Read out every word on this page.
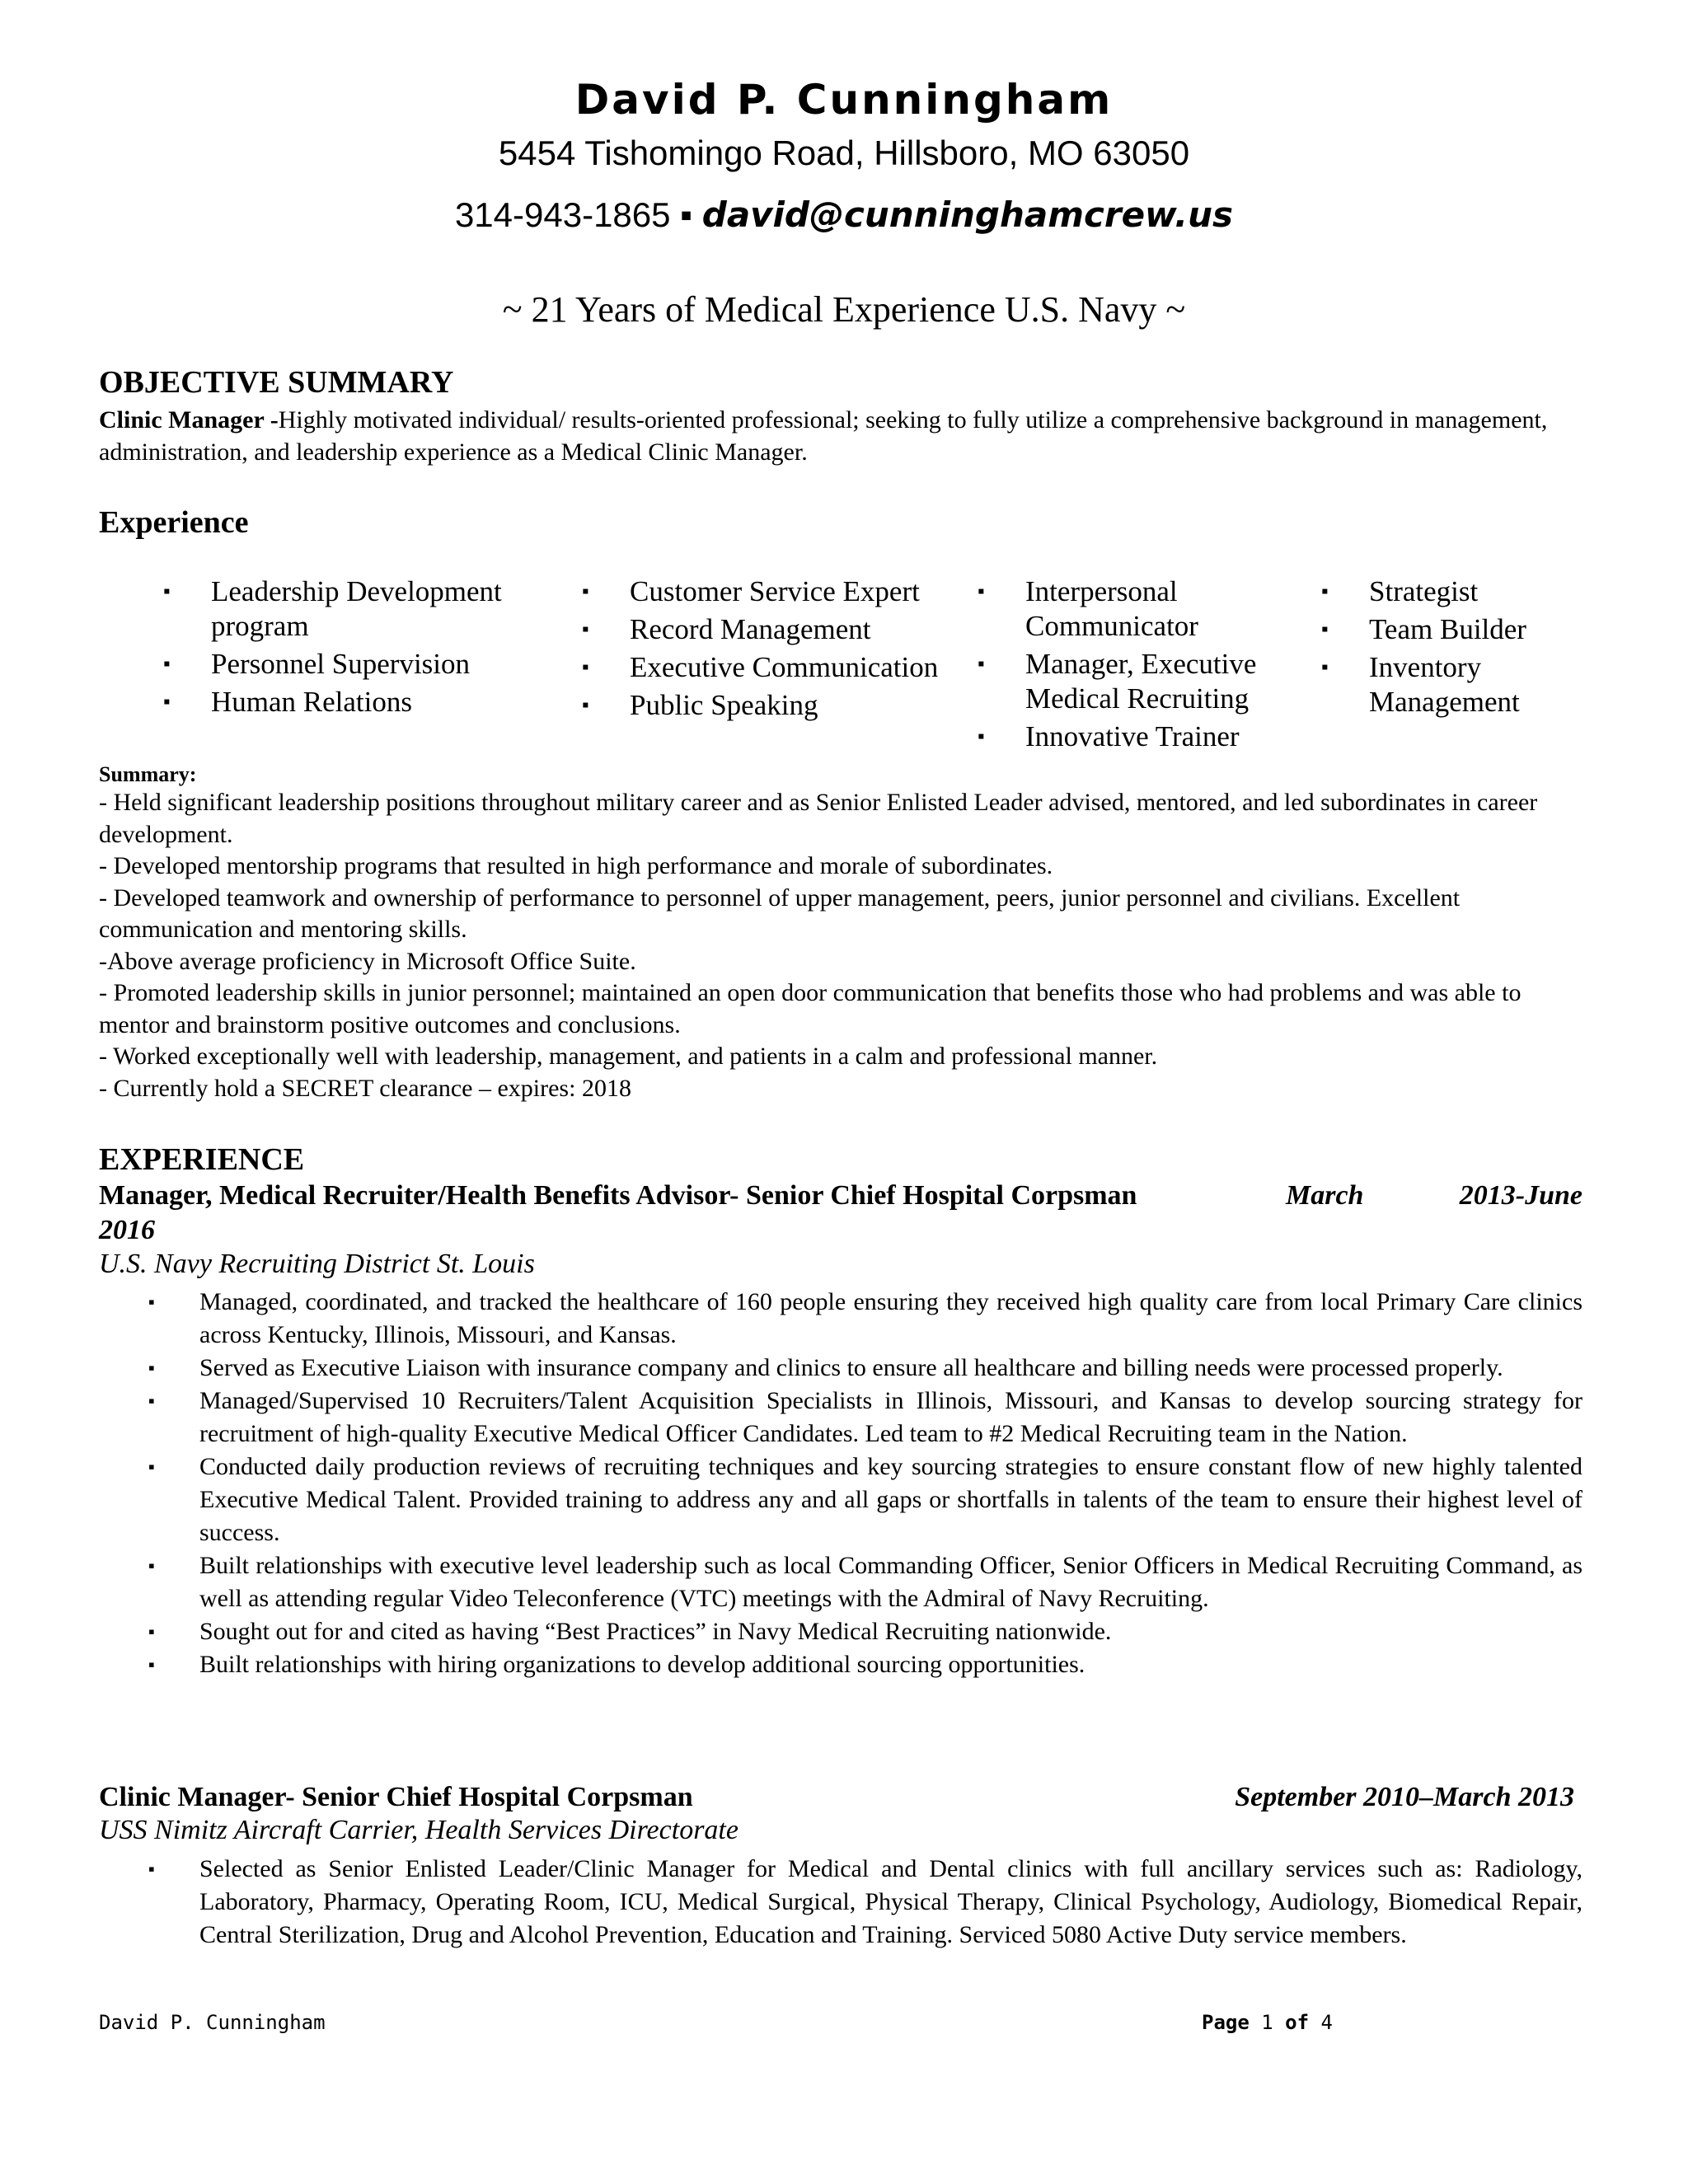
David P. Cunningham
5454 Tishomingo Road, Hillsboro, MO 63050
314-943-1865 ▪ david@cunninghamcrew.us
~ 21 Years of Medical Experience U.S. Navy ~
OBJECTIVE SUMMARY
Clinic Manager -Highly motivated individual/ results-oriented professional; seeking to fully utilize a comprehensive background in management, administration, and leadership experience as a Medical Clinic Manager.
Experience
▪ Leadership Development program
▪ Personnel Supervision
▪ Human Relations
▪ Customer Service Expert
▪ Record Management
▪ Executive Communication
▪ Public Speaking
▪ Interpersonal Communicator
▪ Manager, Executive Medical Recruiting
▪ Innovative Trainer
▪ Strategist
▪ Team Builder
▪ Inventory Management
Summary:
- Held significant leadership positions throughout military career and as Senior Enlisted Leader advised, mentored, and led subordinates in career development.
- Developed mentorship programs that resulted in high performance and morale of subordinates.
- Developed teamwork and ownership of performance to personnel of upper management, peers, junior personnel and civilians. Excellent communication and mentoring skills.
-Above average proficiency in Microsoft Office Suite.
- Promoted leadership skills in junior personnel; maintained an open door communication that benefits those who had problems and was able to mentor and brainstorm positive outcomes and conclusions.
- Worked exceptionally well with leadership, management, and patients in a calm and professional manner.
- Currently hold a SECRET clearance – expires: 2018
EXPERIENCE
Manager, Medical Recruiter/Health Benefits Advisor- Senior Chief Hospital Corpsman	March	2013-June
2016
U.S. Navy Recruiting District St. Louis
▪ Managed, coordinated, and tracked the healthcare of 160 people ensuring they received high quality care from local Primary Care clinics across Kentucky, Illinois, Missouri, and Kansas.
▪ Served as Executive Liaison with insurance company and clinics to ensure all healthcare and billing needs were processed properly.
▪ Managed/Supervised 10 Recruiters/Talent Acquisition Specialists in Illinois, Missouri, and Kansas to develop sourcing strategy for recruitment of high-quality Executive Medical Officer Candidates. Led team to #2 Medical Recruiting team in the Nation.
▪ Conducted daily production reviews of recruiting techniques and key sourcing strategies to ensure constant flow of new highly talented Executive Medical Talent. Provided training to address any and all gaps or shortfalls in talents of the team to ensure their highest level of success.
▪ Built relationships with executive level leadership such as local Commanding Officer, Senior Officers in Medical Recruiting Command, as well as attending regular Video Teleconference (VTC) meetings with the Admiral of Navy Recruiting.
▪ Sought out for and cited as having “Best Practices” in Navy Medical Recruiting nationwide.
▪ Built relationships with hiring organizations to develop additional sourcing opportunities.
Clinic Manager- Senior Chief Hospital Corpsman	September 2010–March 2013
USS Nimitz Aircraft Carrier, Health Services Directorate
▪ Selected as Senior Enlisted Leader/Clinic Manager for Medical and Dental clinics with full ancillary services such as: Radiology, Laboratory, Pharmacy, Operating Room, ICU, Medical Surgical, Physical Therapy, Clinical Psychology, Audiology, Biomedical Repair, Central Sterilization, Drug and Alcohol Prevention, Education and Training. Serviced 5080 Active Duty service members.
David P. Cunningham	Page 1 of 4
